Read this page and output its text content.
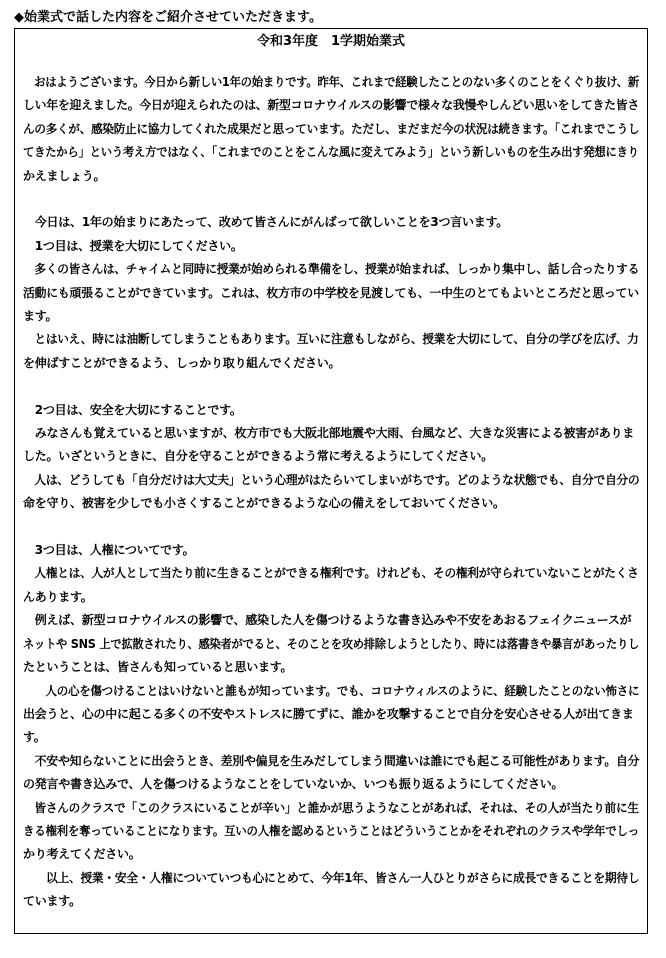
◆始業式で話した内容をご紹介させていただきます。
令和3年度　1学期始業式

　おはようございます。今日から新しい1年の始まりです。昨年、これまで経験したことのない多くのことをくぐり抜け、新

しい年を迎えました。今日が迎えられたのは、新型コロナウイルスの影響で様々な我慢やしんどい思いをしてきた皆さ

んの多くが、感染防止に協力してくれた成果だと思っています。ただし、まだまだ今の状況は続きます。「これまでこうし

てきたから」という考え方ではなく、「これまでのことをこんな風に変えてみよう」という新しいものを生み出す発想にきり

かえましょう。

　今日は、1年の始まりにあたって、改めて皆さんにがんばって欲しいことを3つ言います。

　1つ目は、授業を大切にしてください。

　多くの皆さんは、チャイムと同時に授業が始められる準備をし、授業が始まれば、しっかり集中し、話し合ったりする

活動にも頑張ることができています。これは、枚方市の中学校を見渡しても、一中生のとてもよいところだと思ってい

ます。

　とはいえ、時には油断してしまうこともあります。互いに注意もしながら、授業を大切にして、自分の学びを広げ、力

を伸ばすことができるよう、しっかり取り組んでください。

　2つ目は、安全を大切にすることです。

　みなさんも覚えていると思いますが、枚方市でも大阪北部地震や大雨、台風など、大きな災害による被害がありま

した。いざというときに、自分を守ることができるよう常に考えるようにしてください。

　人は、どうしても「自分だけは大丈夫」という心理がはたらいてしまいがちです。どのような状態でも、自分で自分の

命を守り、被害を少しでも小さくすることができるような心の備えをしておいてください。

　3つ目は、人権についてです。

　人権とは、人が人として当たり前に生きることができる権利です。けれども、その権利が守られていないことがたくさ

んあります。

　例えば、新型コロナウイルスの影響で、感染した人を傷つけるような書き込みや不安をあおるフェイクニュースが

ネットや SNS 上で拡散されたり、感染者がでると、そのことを攻め排除しようとしたり、時には落書きや暴言があったりし

たということは、皆さんも知っていると思います。

　　人の心を傷つけることはいけないと誰もが知っています。でも、コロナウィルスのように、経験したことのない怖さに

出会うと、心の中に起こる多くの不安やストレスに勝てずに、誰かを攻撃することで自分を安心させる人が出てきま

す。

　不安や知らないことに出会うとき、差別や偏見を生みだしてしまう間違いは誰にでも起こる可能性があります。自分

の発言や書き込みで、人を傷つけるようなことをしていないか、いつも振り返るようにしてください。

　皆さんのクラスで「このクラスにいることが辛い」と誰かが思うようなことがあれば、それは、その人が当たり前に生

きる権利を奪っていることになります。互いの人権を認めるということはどういうことかをそれぞれのクラスや学年でしっ

かり考えてください。

　　以上、授業・安全・人権についていつも心にとめて、今年1年、皆さん一人ひとりがさらに成長できることを期待し

ています。
